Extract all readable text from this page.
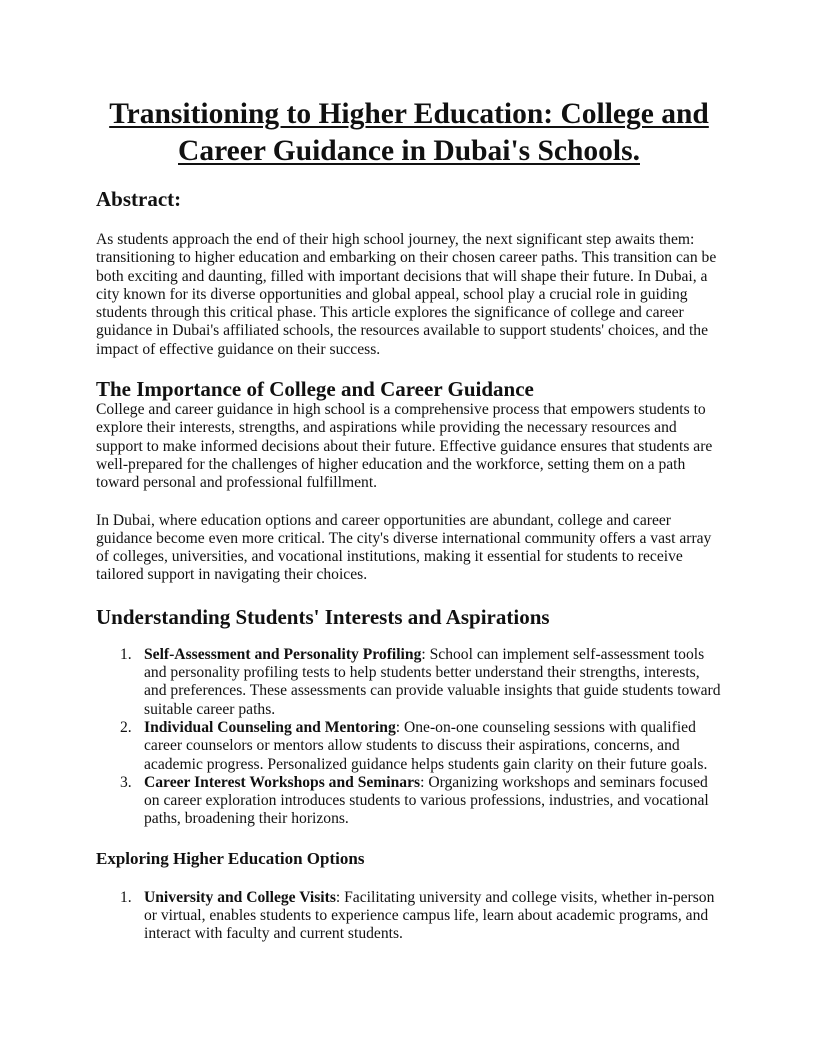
Transitioning to Higher Education: College and Career Guidance in Dubai's Schools.
Abstract:

As students approach the end of their high school journey, the next significant step awaits them: transitioning to higher education and embarking on their chosen career paths. This transition can be both exciting and daunting, filled with important decisions that will shape their future. In Dubai, a city known for its diverse opportunities and global appeal, school play a crucial role in guiding students through this critical phase. This article explores the significance of college and career guidance in Dubai's affiliated schools, the resources available to support students' choices, and the impact of effective guidance on their success.

The Importance of College and Career Guidance

College and career guidance in high school is a comprehensive process that empowers students to explore their interests, strengths, and aspirations while providing the necessary resources and support to make informed decisions about their future. Effective guidance ensures that students are well-prepared for the challenges of higher education and the workforce, setting them on a path toward personal and professional fulfillment.

In Dubai, where education options and career opportunities are abundant, college and career guidance become even more critical. The city's diverse international community offers a vast array of colleges, universities, and vocational institutions, making it essential for students to receive tailored support in navigating their choices.

Understanding Students' Interests and Aspirations
1. Self-Assessment and Personality Profiling: School can implement self-assessment tools and personality profiling tests to help students better understand their strengths, interests, and preferences. These assessments can provide valuable insights that guide students toward suitable career paths.
2. Individual Counseling and Mentoring: One-on-one counseling sessions with qualified career counselors or mentors allow students to discuss their aspirations, concerns, and academic progress. Personalized guidance helps students gain clarity on their future goals.
3. Career Interest Workshops and Seminars: Organizing workshops and seminars focused on career exploration introduces students to various professions, industries, and vocational paths, broadening their horizons.
Exploring Higher Education Options
1. University and College Visits: Facilitating university and college visits, whether in-person or virtual, enables students to experience campus life, learn about academic programs, and interact with faculty and current students.
